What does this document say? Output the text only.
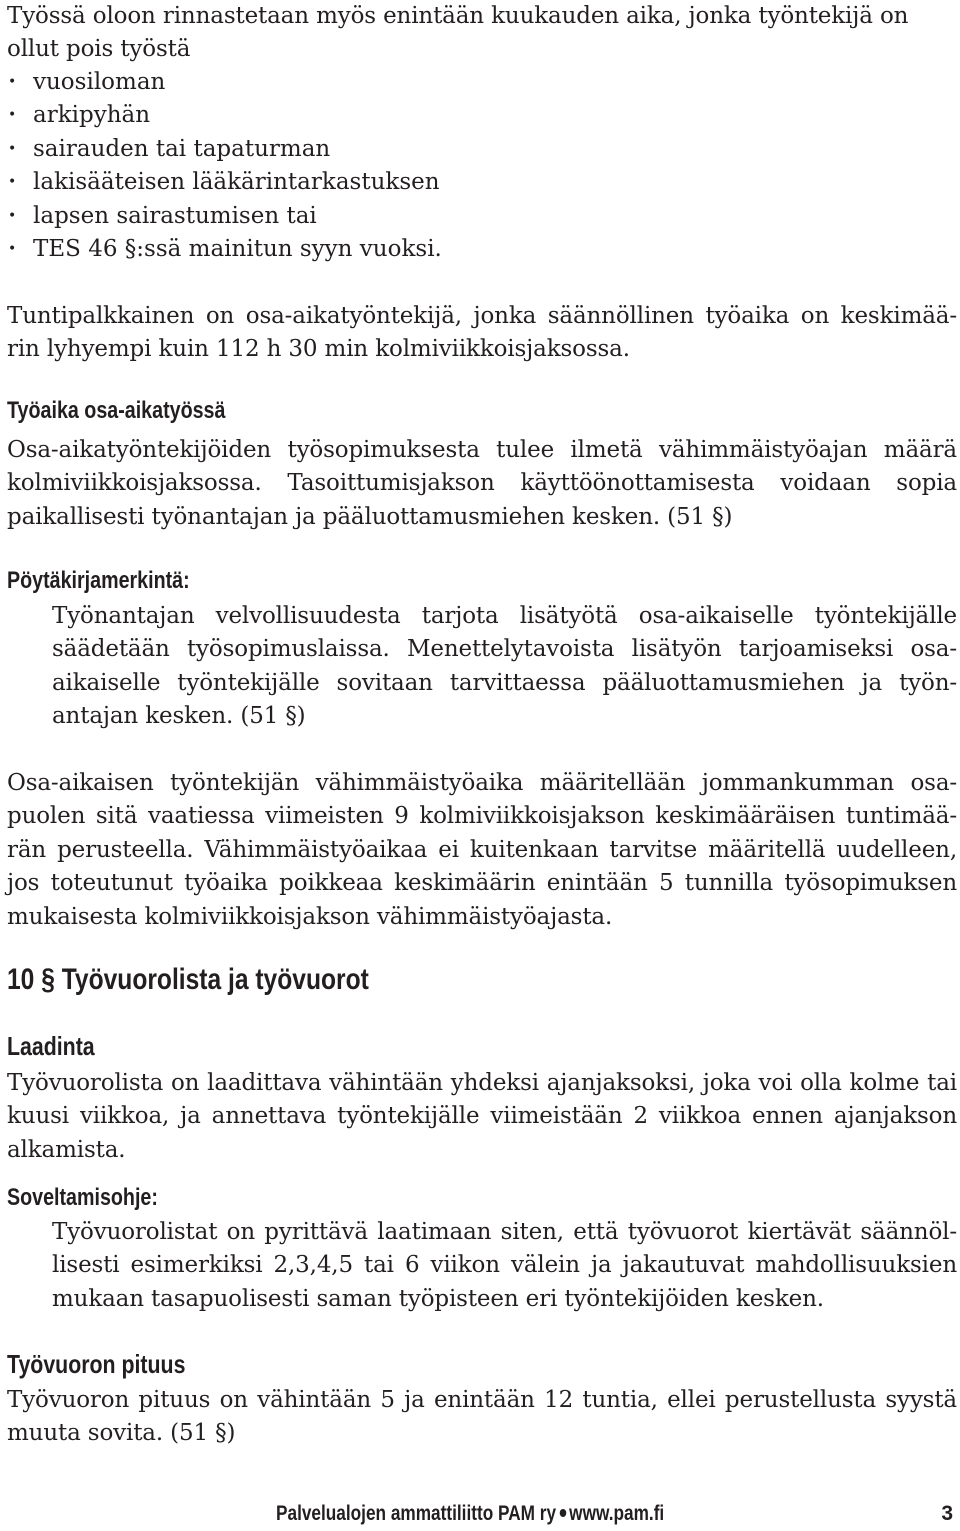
Työssä oloon rinnastetaan myös enintään kuukauden aika, jonka työntekijä on ollut pois työstä

• vuosiloman
• arkipyhän
• sairauden tai tapaturman
• lakisääteisen lääkärintarkastuksen
• lapsen sairastumisen tai
• TES 46 §:ssä mainitun syyn vuoksi.

Tuntipalkkainen on osa-aikatyöntekijä, jonka säännöllinen työaika on keskimää-rin lyhyempi kuin 112 h 30 min kolmiviikkoisjaksossa.

Työaika osa-aikatyössä

Osa-aikatyöntekijöiden työsopimuksesta tulee ilmetä vähimmäistyöajan määrä kolmiviikkoisjaksossa. Tasoittumisjakson käyttöönottamisesta voidaan sopia paikallisesti työnantajan ja pääluottamusmiehen kesken. (51 §)

Pöytäkirjamerkintä:

Työnantajan velvollisuudesta tarjota lisätyötä osa-aikaiselle työntekijälle säädetään työsopimuslaissa. Menettelytavoista lisätyön tarjoamiseksi osa-aikaiselle työntekijälle sovitaan tarvittaessa pääluottamusmiehen ja työn-antajan kesken. (51 §)

Osa-aikaisen työntekijän vähimmäistyöaika määritellään jommankumman osa-puolen sitä vaatiessa viimeisten 9 kolmiviikkoisjakson keskimääräisen tuntimää-rän perusteella. Vähimmäistyöaikaa ei kuitenkaan tarvitse määritellä uudelleen, jos toteutunut työaika poikkeaa keskimäärin enintään 5 tunnilla työsopimuksen mukaisesta kolmiviikkoisjakson vähimmäistyöajasta.

10 § Työvuorolista ja työvuorot
Laadinta

Työvuorolista on laadittava vähintään yhdeksi ajanjaksoksi, joka voi olla kolme tai kuusi viikkoa, ja annettava työntekijälle viimeistään 2 viikkoa ennen ajanjakson alkamista.

Soveltamisohje:

Työvuorolistat on pyrittävä laatimaan siten, että työvuorot kiertävät säännöl-lisesti esimerkiksi 2,3,4,5 tai 6 viikon välein ja jakautuvat mahdollisuuksien mukaan tasapuolisesti saman työpisteen eri työntekijöiden kesken.

Työvuoron pituus

Työvuoron pituus on vähintään 5 ja enintään 12 tuntia, ellei perustellusta syystä muuta sovita. (51 §)

Palvelualojen ammattiliitto PAM ry www.pam.fi	3
